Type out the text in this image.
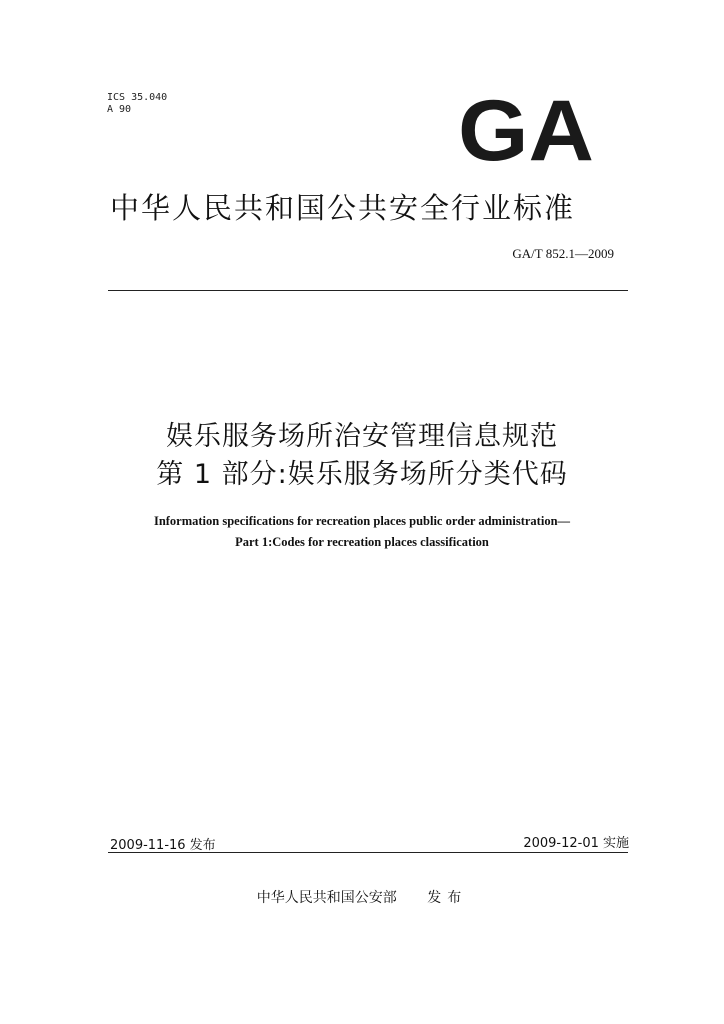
ICS 35.040
A 90	GA
中华人民共和国公共安全行业标准
GA/T 852.1—2009
娱乐服务场所治安管理信息规范
第 1 部分:娱乐服务场所分类代码
Information specifications for recreation places public order administration—
Part 1:Codes for recreation places classification
2009-11-16 发布	2009-12-01 实施
中华人民共和国公安部 发布
